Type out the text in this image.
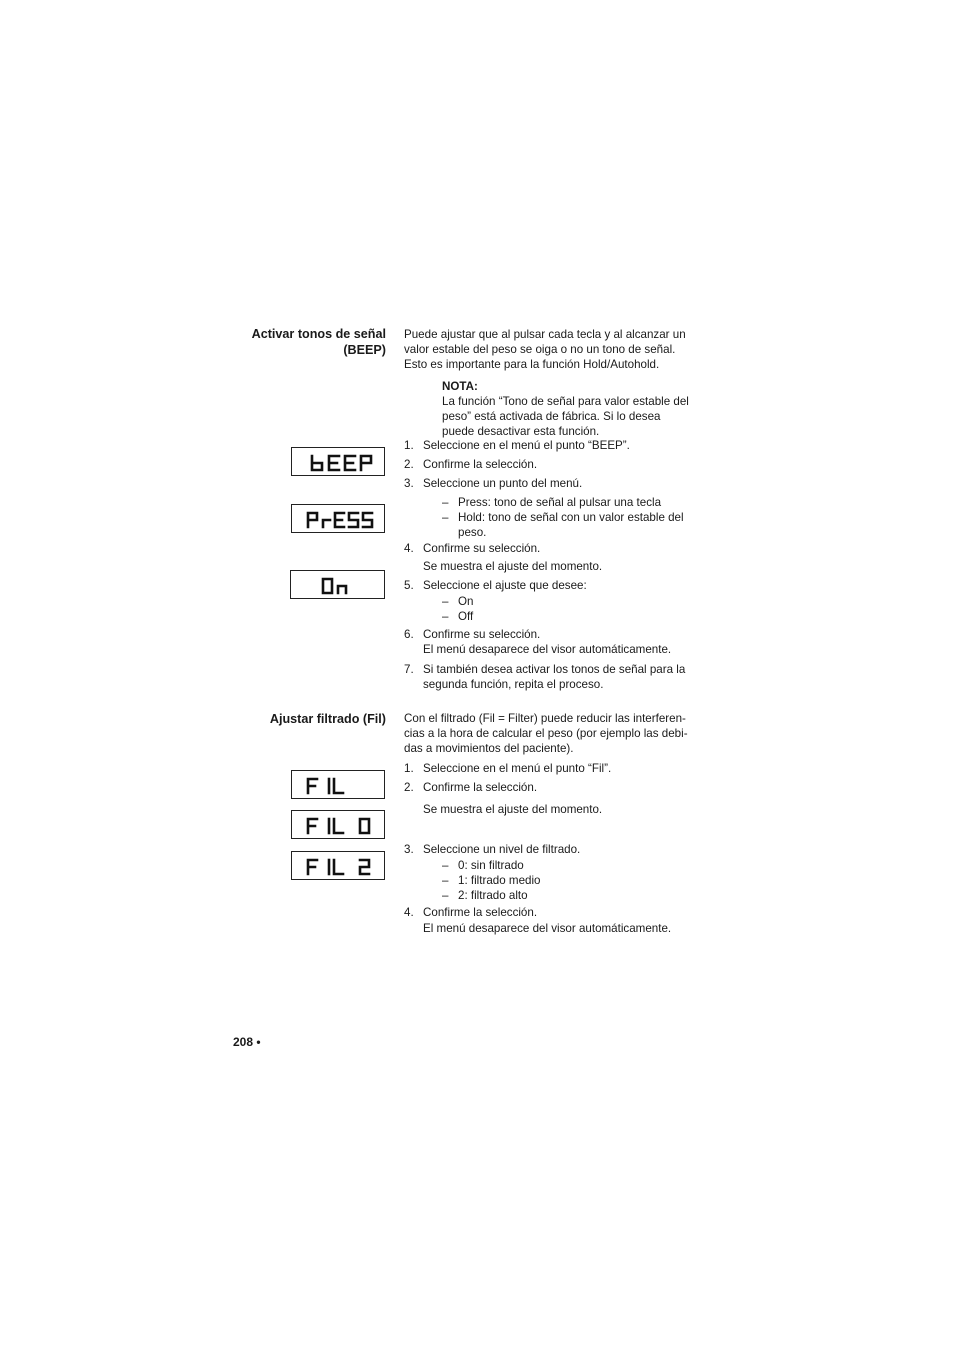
Activar tonos de señal
(BEEP)
Puede ajustar que al pulsar cada tecla y al alcanzar un
valor estable del peso se oiga o no un tono de señal.
Esto es importante para la función Hold/Autohold.
NOTA:
La función “Tono de señal para valor estable del
peso” está activada de fábrica. Si lo desea
puede desactivar esta función.
1. Seleccione en el menú el punto “BEEP”.
2. Confirme la selección.
3. Seleccione un punto del menú.
– Press: tono de señal al pulsar una tecla
– Hold: tono de señal con un valor estable del
peso.
4. Confirme su selección.
Se muestra el ajuste del momento.
5. Seleccione el ajuste que desee:
– On
– Off
6. Confirme su selección.
El menú desaparece del visor automáticamente.
7. Si también desea activar los tonos de señal para la
segunda función, repita el proceso.
Ajustar filtrado (Fil) Con el filtrado (Fil = Filter) puede reducir las interferen-
cias a la hora de calcular el peso (por ejemplo las debi-
das a movimientos del paciente).
1. Seleccione en el menú el punto “Fil”.
2. Confirme la selección.
Se muestra el ajuste del momento.
3. Seleccione un nivel de filtrado.
– 0: sin filtrado
– 1: filtrado medio
– 2: filtrado alto
4. Confirme la selección.
El menú desaparece del visor automáticamente.
208 •
